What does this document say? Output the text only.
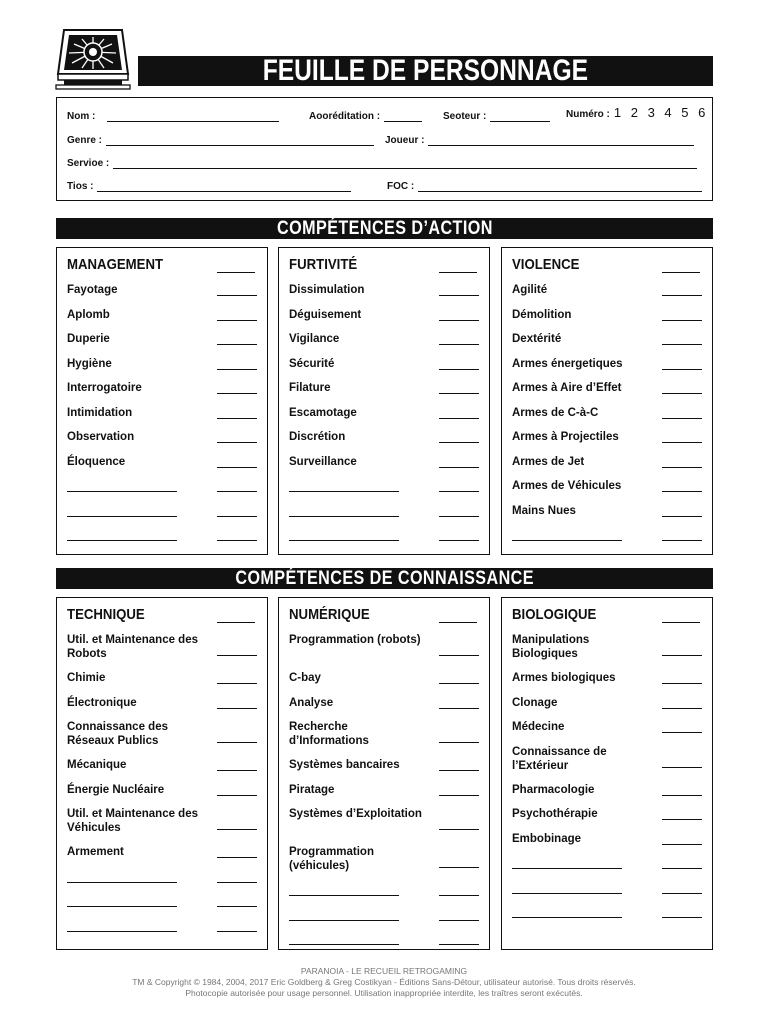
FEUILLE DE PERSONNAGE
Nom :	Aooréditation :	Seoteur :	Numéro : 1 2 3 4 5 6
Genre :	Joueur :
Servioe :
Tios :	FOC :
COMPÉTENCES D’ACTION
MANAGEMENT
Fayotage
Aplomb
Duperie
Hygiène
Interrogatoire
Intimidation
Observation
Éloquence
FURTIVITÉ
Dissimulation
Déguisement
Vigilance
Sécurité
Filature
Escamotage
Discrétion
Surveillance
VIOLENCE
Agilité
Démolition
Dextérité
Armes énergetiques
Armes à Aire d’Effet
Armes de C-à-C
Armes à Projectiles
Armes de Jet
Armes de Véhicules
Mains Nues
COMPÉTENCES DE CONNAISSANCE
TECHNIQUE
Util. et Maintenance des Robots
Chimie
Électronique
Connaissance des Réseaux Publics
Mécanique
Énergie Nucléaire
Util. et Maintenance des Véhicules
Armement
NUMÉRIQUE
Programmation (robots)
C-bay
Analyse
Recherche d’Informations
Systèmes bancaires
Piratage
Systèmes d’Exploitation
Programmation (véhicules)
BIOLOGIQUE
Manipulations Biologiques
Armes biologiques
Clonage
Médecine
Connaissance de l’Extérieur
Pharmacologie
Psychothérapie
Embobinage
PARANOIA - LE RECUEIL RETROGAMING
TM & Copyright © 1984, 2004, 2017 Eric Goldberg & Greg Costikyan - Éditions Sans-Détour, utilisateur autorisé. Tous droits réservés.
Photocopie autorisée pour usage personnel. Utilisation inappropriée interdite, les traîtres seront exécutés.
